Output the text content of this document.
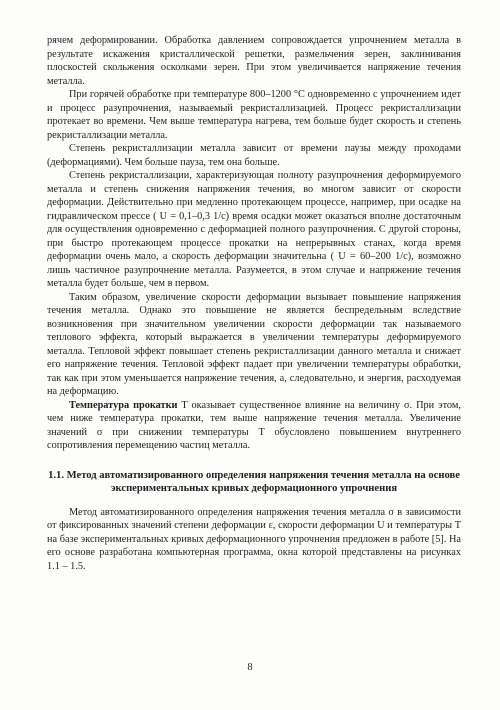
рячем деформировании. Обработка давлением сопровождается упрочнением металла в результате искажения кристаллической решетки, размельчения зерен, заклинивания плоскостей скольжения осколками зерен. При этом увеличивается напряжение течения металла.

При горячей обработке при температуре 800–1200 °С одновременно с упрочнением идет и процесс разупрочнения, называемый рекристаллизацией. Процесс рекристаллизации протекает во времени. Чем выше температура нагрева, тем больше будет скорость и степень рекристаллизации металла.

Степень рекристаллизации металла зависит от времени паузы между проходами (деформациями). Чем больше пауза, тем она больше.

Степень рекристаллизации, характеризующая полноту разупрочнения деформируемого металла и степень снижения напряжения течения, во многом зависит от скорости деформации. Действительно при медленно протекающем процессе, например, при осадке на гидравлическом прессе ( U = 0,1–0,3 1/с) время осадки может оказаться вполне достаточным для осуществления одновременно с деформацией полного разупрочнения. С другой стороны, при быстро протекающем процессе прокатки на непрерывных станах, когда время деформации очень мало, а скорость деформации значительна ( U = 60–200 1/с), возможно лишь частичное разупрочнение металла. Разумеется, в этом случае и напряжение течения металла будет больше, чем в первом.

Таким образом, увеличение скорости деформации вызывает повышение напряжения течения металла. Однако это повышение не является беспредельным вследствие возникновения при значительном увеличении скорости деформации так называемого теплового эффекта, который выражается в увеличении температуры деформируемого металла. Тепловой эффект повышает степень рекристаллизации данного металла и снижает его напряжение течения. Тепловой эффект падает при увеличении температуры обработки, так как при этом уменьшается напряжение течения, а, следовательно, и энергия, расходуемая на деформацию.

Температура прокатки T оказывает существенное влияние на величину σ. При этом, чем ниже температура прокатки, тем выше напряжение течения металла. Увеличение значений σ при снижении температуры T обусловлено повышением внутреннего сопротивления перемещению частиц металла.

1.1. Метод автоматизированного определения напряжения течения металла на основе экспериментальных кривых деформационного упрочнения

Метод автоматизированного определения напряжения течения металла σ в зависимости от фиксированных значений степени деформации ε, скорости деформации U и температуры T на базе экспериментальных кривых деформационного упрочнения предложен в работе [5]. На его основе разработана компьютерная программа, окна которой представлены на рисунках 1.1 – 1.5.

8
